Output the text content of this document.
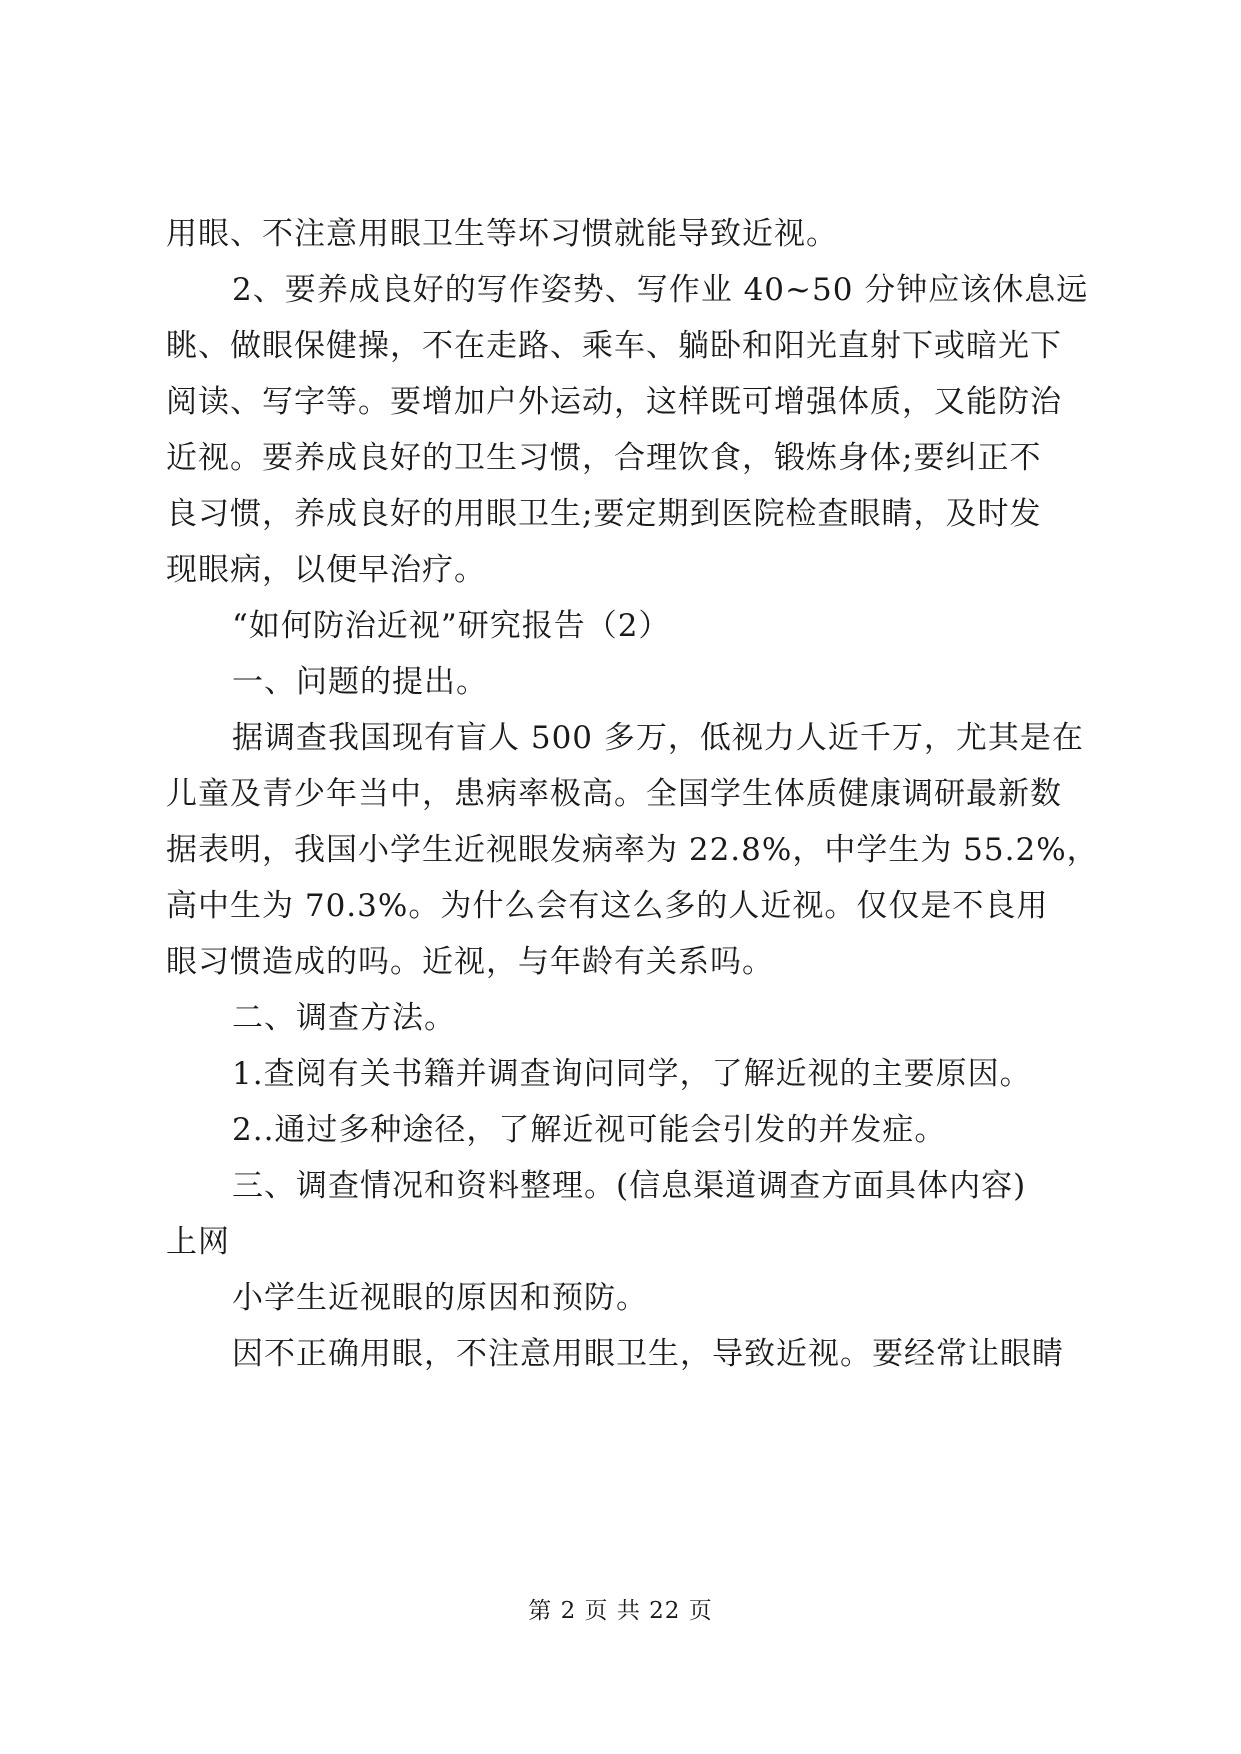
用眼、不注意用眼卫生等坏习惯就能导致近视。
2、要养成良好的写作姿势、写作业 40~50 分钟应该休息远
眺、做眼保健操，不在走路、乘车、躺卧和阳光直射下或暗光下
阅读、写字等。要增加户外运动，这样既可增强体质，又能防治
近视。要养成良好的卫生习惯，合理饮食，锻炼身体;要纠正不
良习惯，养成良好的用眼卫生;要定期到医院检查眼睛，及时发
现眼病，以便早治疗。
“如何防治近视”研究报告（2）
一、问题的提出。
据调查我国现有盲人 500 多万，低视力人近千万，尤其是在
儿童及青少年当中，患病率极高。全国学生体质健康调研最新数
据表明，我国小学生近视眼发病率为 22.8%，中学生为 55.2%，
高中生为 70.3%。为什么会有这么多的人近视。仅仅是不良用
眼习惯造成的吗。近视，与年龄有关系吗。
二、调查方法。
1.查阅有关书籍并调查询问同学，了解近视的主要原因。
2..通过多种途径，了解近视可能会引发的并发症。
三、调查情况和资料整理。(信息渠道调查方面具体内容)
上网
小学生近视眼的原因和预防。
因不正确用眼，不注意用眼卫生，导致近视。要经常让眼睛
第 2 页 共 22 页
